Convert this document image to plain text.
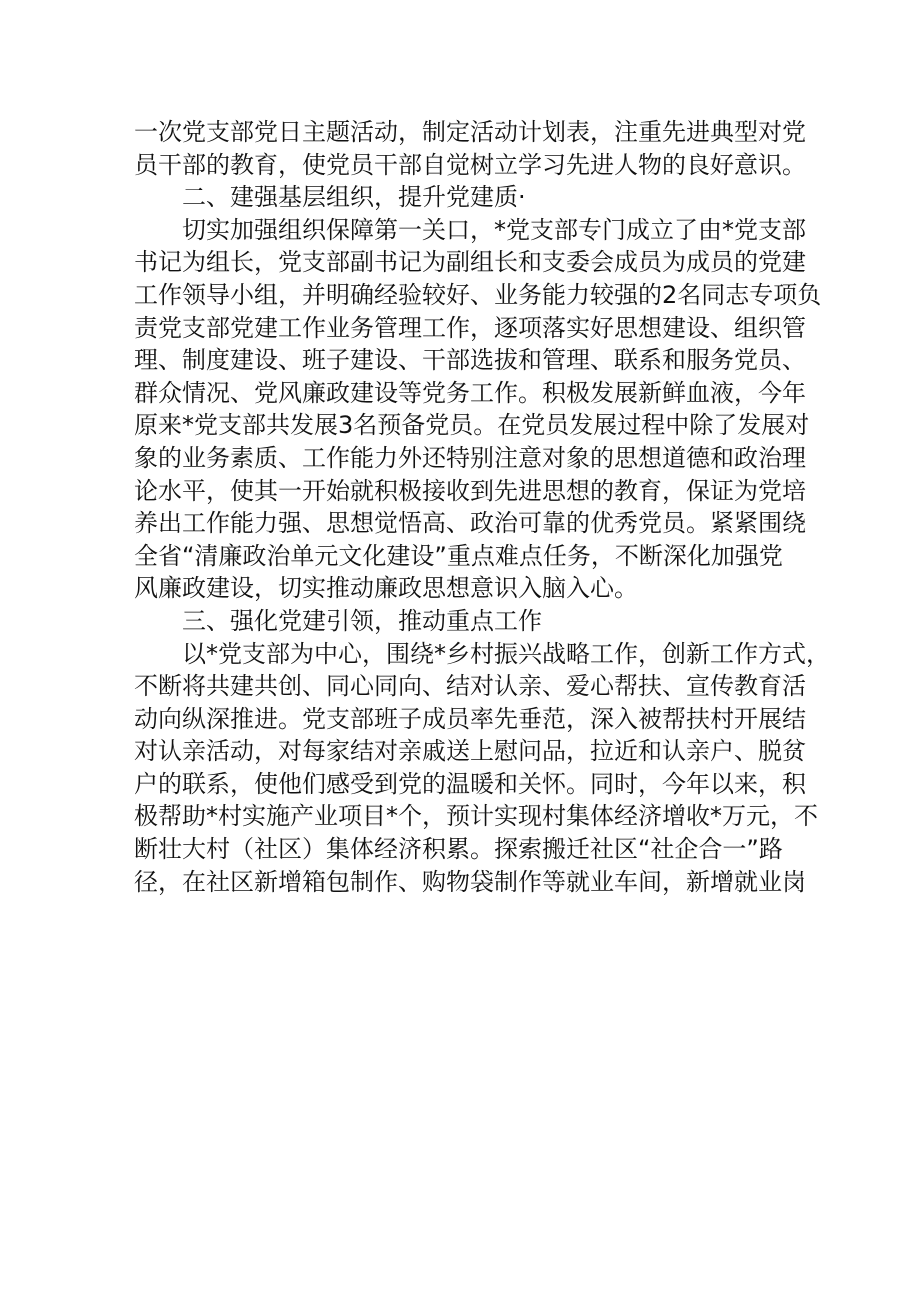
一次党支部党日主题活动，制定活动计划表，注重先进典型对党
员干部的教育，使党员干部自觉树立学习先进人物的良好意识。
二、建强基层组织，提升党建质·
切实加强组织保障第一关口，*党支部专门成立了由*党支部
书记为组长，党支部副书记为副组长和支委会成员为成员的党建
工作领导小组，并明确经验较好、业务能力较强的2名同志专项负
责党支部党建工作业务管理工作，逐项落实好思想建设、组织管
理、制度建设、班子建设、干部选拔和管理、联系和服务党员、
群众情况、党风廉政建设等党务工作。积极发展新鲜血液，今年
原来*党支部共发展3名预备党员。在党员发展过程中除了发展对
象的业务素质、工作能力外还特别注意对象的思想道德和政治理
论水平，使其一开始就积极接收到先进思想的教育，保证为党培
养出工作能力强、思想觉悟高、政治可靠的优秀党员。紧紧围绕
全省“清廉政治单元文化建设”重点难点任务，不断深化加强党
风廉政建设，切实推动廉政思想意识入脑入心。
三、强化党建引领，推动重点工作
以*党支部为中心，围绕*乡村振兴战略工作，创新工作方式，
不断将共建共创、同心同向、结对认亲、爱心帮扶、宣传教育活
动向纵深推进。党支部班子成员率先垂范，深入被帮扶村开展结
对认亲活动，对每家结对亲戚送上慰问品，拉近和认亲户、脱贫
户的联系，使他们感受到党的温暖和关怀。同时，今年以来，积
极帮助*村实施产业项目*个，预计实现村集体经济增收*万元，不
断壮大村（社区）集体经济积累。探索搬迁社区“社企合一”路
径，在社区新增箱包制作、购物袋制作等就业车间，新增就业岗
